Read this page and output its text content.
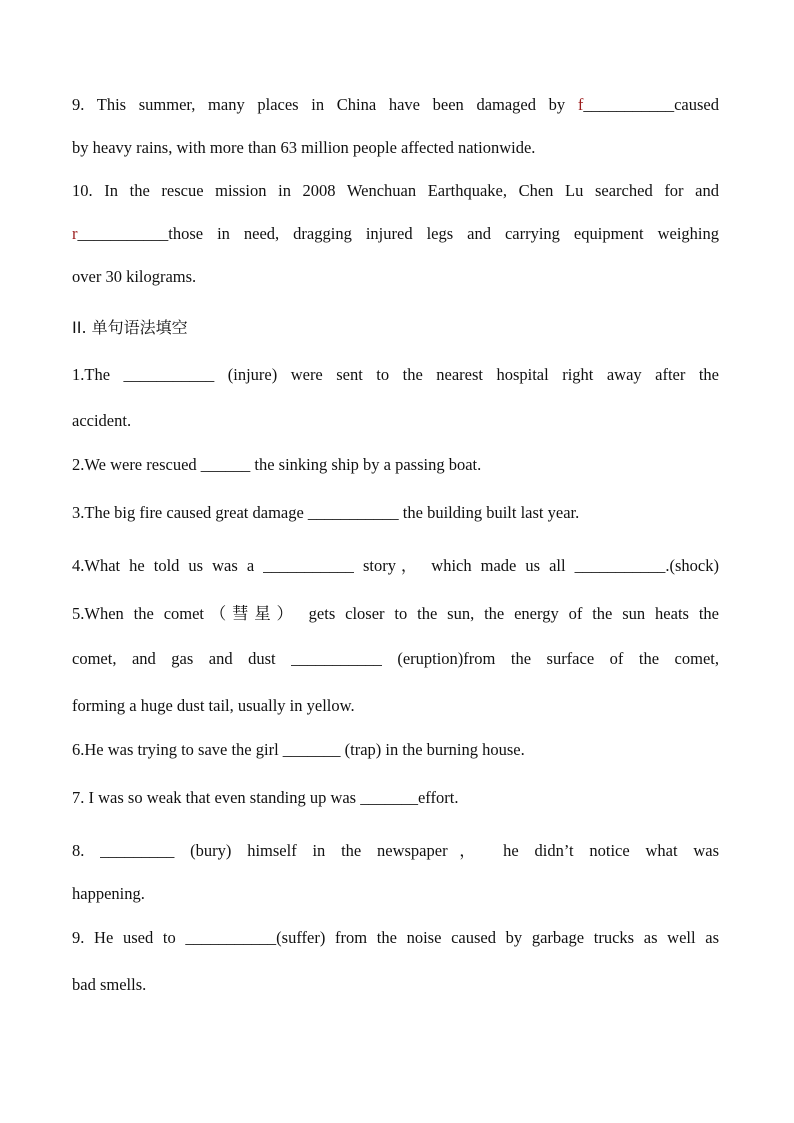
9. This summer, many places in China have been damaged by f___________caused
by heavy rains, with more than 63 million people affected nationwide.
10. In the rescue mission in 2008 Wenchuan Earthquake, Chen Lu searched for and
r___________those in need, dragging injured legs and carrying equipment weighing
over 30 kilograms.
II. 单句语法填空
1.The ___________ (injure) were sent to the nearest hospital right away after the
accident.
2.We were rescued ______ the sinking ship by a passing boat.
3.The big fire caused great damage ___________ the building built last year.
4.What he told us was a ___________ story， which made us all ___________.(shock)
5.When the comet（彗星） gets closer to the sun, the energy of the sun heats the
comet, and gas and dust ___________ (eruption)from the surface of the comet,
forming a huge dust tail, usually in yellow.
6.He was trying to save the girl _______ (trap) in the burning house.
7. I was so weak that even standing up was _______effort.
8. _________ (bury) himself in the newspaper， he didn’t notice what was
happening.
9. He used to ___________(suffer) from the noise caused by garbage trucks as well as
bad smells.
